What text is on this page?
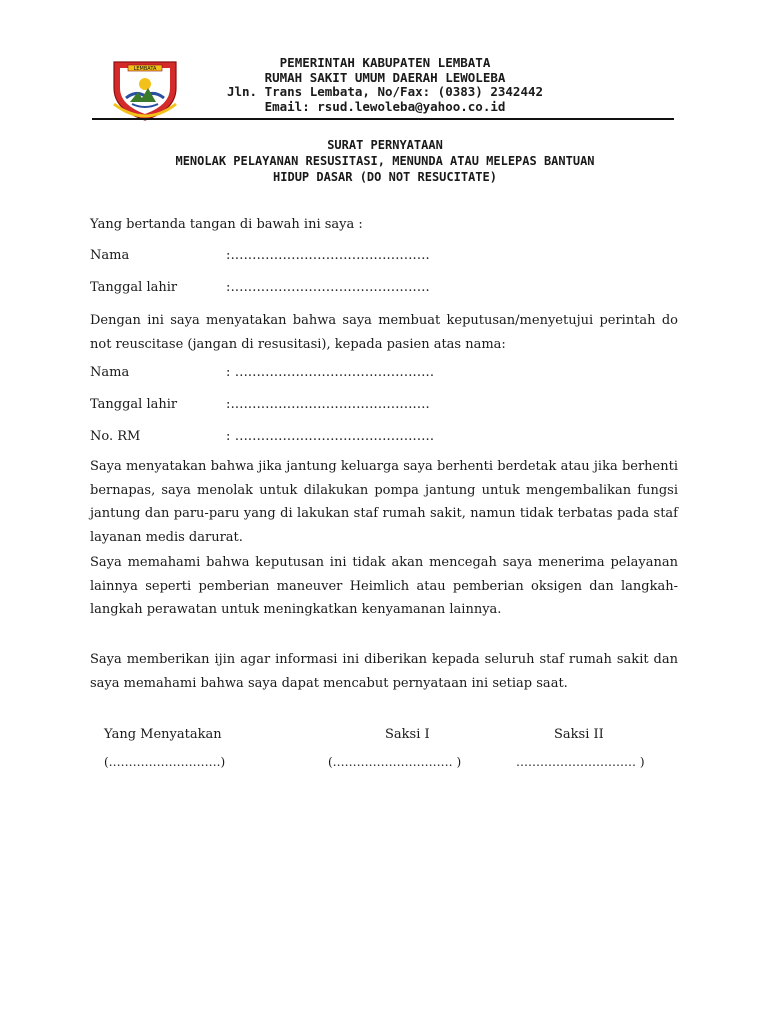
LEMBATA	PEMERINTAH KABUPATEN LEMBATA
RUMAH SAKIT UMUM DAERAH LEWOLEBA
Jln. Trans Lembata, No/Fax: (0383) 2342442
Email: rsud.lewoleba@yahoo.co.id
SURAT PERNYATAAN
MENOLAK PELAYANAN RESUSITASI, MENUNDA ATAU MELEPAS BANTUAN
HIDUP DASAR (DO NOT RESUCITATE)
Yang bertanda tangan di bawah ini saya :
Nama	:..............................................
Tanggal lahir	:..............................................
Dengan ini saya menyatakan bahwa saya membuat keputusan/menyetujui perintah do not reuscitase (jangan di resusitasi), kepada pasien atas nama:
Nama	: ..............................................
Tanggal lahir	:..............................................
No. RM	: ..............................................
Saya menyatakan bahwa jika jantung keluarga saya berhenti berdetak atau jika berhenti bernapas, saya menolak untuk dilakukan pompa jantung untuk mengembalikan fungsi jantung dan paru-paru yang di lakukan staf rumah sakit, namun tidak terbatas pada staf layanan medis darurat.
Saya memahami bahwa keputusan ini tidak akan mencegah saya menerima pelayanan lainnya seperti pemberian maneuver Heimlich atau pemberian oksigen dan langkah-langkah perawatan untuk meningkatkan kenyamanan lainnya.
Saya memberikan ijin agar informasi ini diberikan kepada seluruh staf rumah sakit dan saya memahami bahwa saya dapat mencabut pernyataan ini setiap saat.
Yang Menyatakan	Saksi I	Saksi II
(……………………….)	(………………………… )	………………………… )
